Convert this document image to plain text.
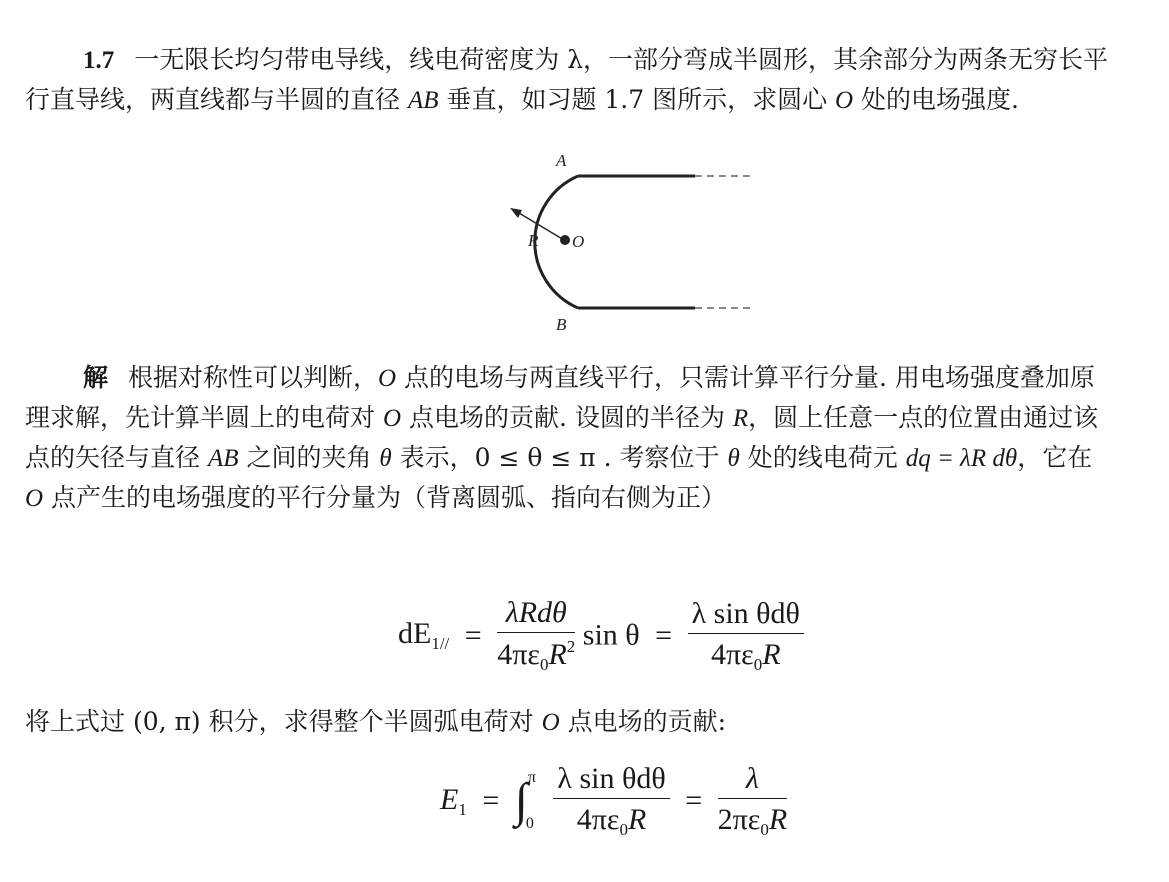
1.7 一无限长均匀带电导线，线电荷密度为 λ，一部分弯成半圆形，其余部分为两条无穷长平行直导线，两直线都与半圆的直径 AB 垂直，如习题 1.7 图所示，求圆心 O 处的电场强度.

A
B
R O

解 根据对称性可以判断，O 点的电场与两直线平行，只需计算平行分量. 用电场强度叠加原理求解，先计算半圆上的电荷对 O 点电场的贡献. 设圆的半径为 R，圆上任意一点的位置由通过该点的矢径与直径 AB 之间的夹角 θ 表示，0 ≤ θ ≤ π . 考察位于 θ 处的线电荷元 dq = λR dθ，它在 O 点产生的电场强度的平行分量为（背离圆弧、指向右侧为正）

$dE_{1//} = \frac{\text{λRdθ}}{4\pi\varepsilon_0R^2}$ $\sin \theta = \frac{\text{λ sin θdθ}}{4\pi\varepsilon_0R}$
将上式过 (0, π) 积分，求得整个半圆弧电荷对 O 点电场的贡献:
$E_1$ = ∫ π
0
$\frac{\text{λ sin θdθ}}{4\pi\varepsilon_0R} = \frac{\lambda}{2\pi\varepsilon_0R}$
